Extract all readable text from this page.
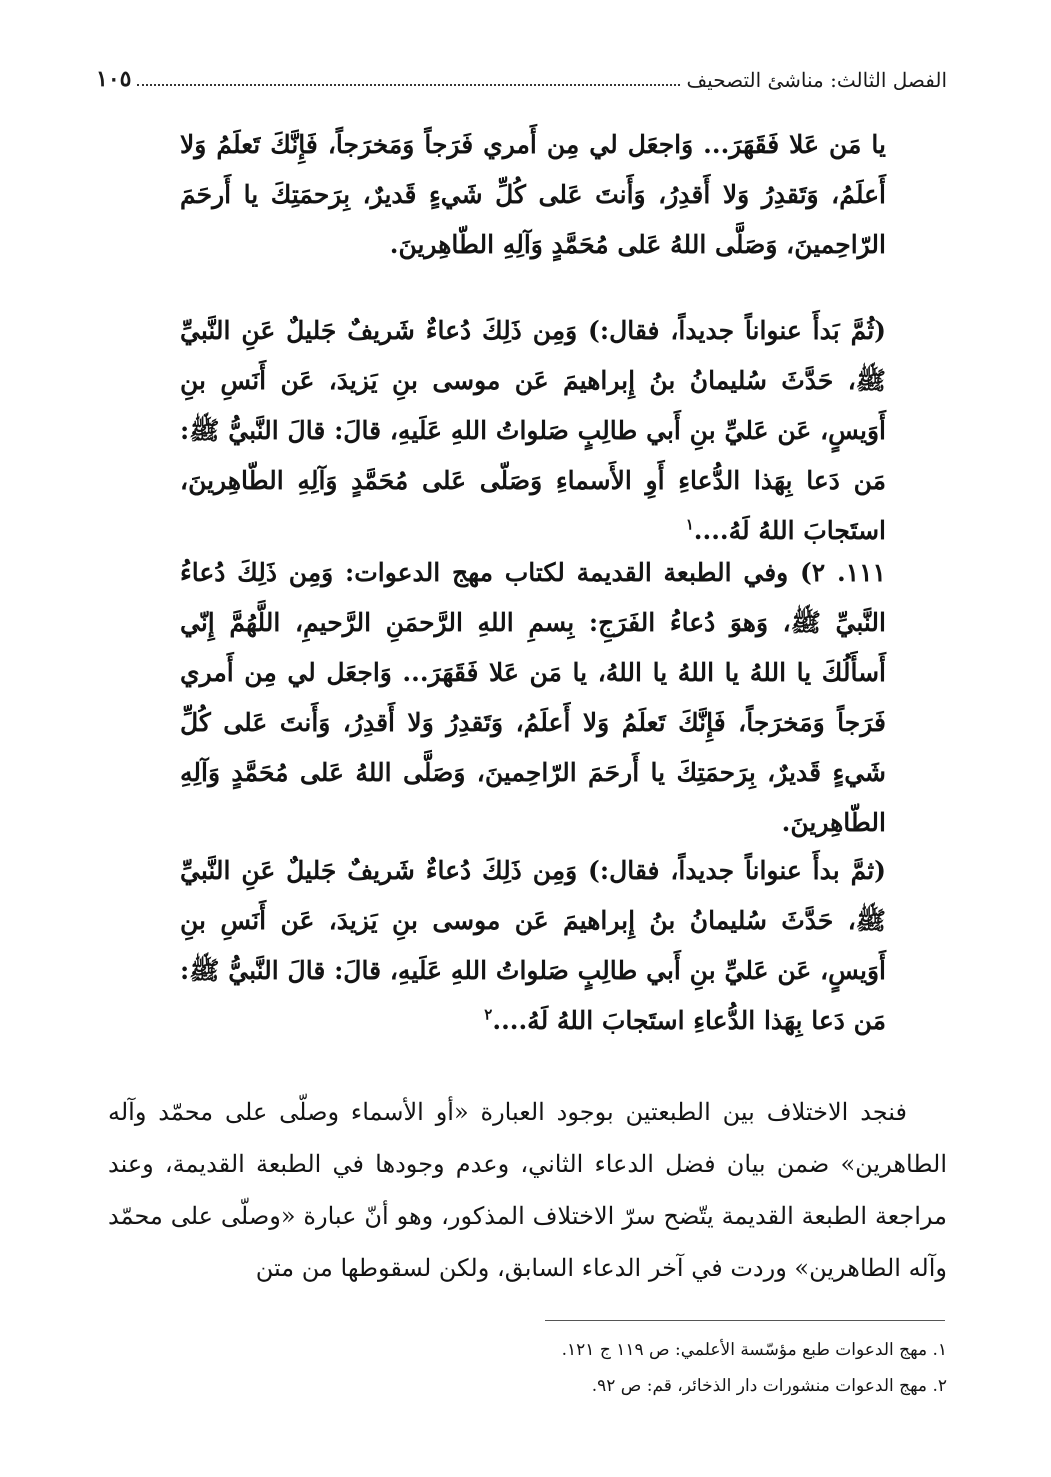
الفصل الثالث: مناشئ التصحيف
١٠٥
يا مَن عَلا فَقَهَرَ... وَاجعَل لي مِن أَمري فَرَجاً وَمَخرَجاً، فَإِنَّكَ تَعلَمُ وَلا أَعلَمُ، وَتَقدِرُ وَلا أَقدِرُ، وَأَنتَ عَلى كُلِّ شَيءٍ قَديرٌ، بِرَحمَتِكَ يا أَرحَمَ الرّاحِمينَ، وَصَلَّى اللهُ عَلى مُحَمَّدٍ وَآلِهِ الطّاهِرينَ.
(ثُمَّ بَدأَ عنواناً جديداً، فقال:) وَمِن ذَلِكَ دُعاءٌ شَريفٌ جَليلٌ عَنِ النَّبيِّ ﷺ، حَدَّثَ سُليمانُ بنُ إِبراهيمَ عَن موسى بنِ يَزيدَ، عَن أَنَسِ بنِ أَوَيسٍ، عَن عَليِّ بنِ أَبي طالِبٍ صَلواتُ اللهِ عَلَيهِ، قالَ: قالَ النَّبيُّ ﷺ: مَن دَعا بِهَذا الدُّعاءِ أَوِ الأَسماءِ وَصَلّى عَلى مُحَمَّدٍ وَآلِهِ الطّاهِرينَ، استَجابَ اللهُ لَهُ....$^١$
١١١. ٢) وفي الطبعة القديمة لكتاب مهج الدعوات: وَمِن ذَلِكَ دُعاءُ النَّبيِّ ﷺ، وَهوَ دُعاءُ الفَرَجِ: بِسمِ اللهِ الرَّحمَنِ الرَّحيمِ، اللَّهُمَّ إِنّي أَسأَلُكَ يا اللهُ يا اللهُ يا اللهُ، يا مَن عَلا فَقَهَرَ... وَاجعَل لي مِن أَمري فَرَجاً وَمَخرَجاً، فَإِنَّكَ تَعلَمُ وَلا أَعلَمُ، وَتَقدِرُ وَلا أَقدِرُ، وَأَنتَ عَلى كُلِّ شَيءٍ قَديرٌ، بِرَحمَتِكَ يا أَرحَمَ الرّاحِمينَ، وَصَلَّى اللهُ عَلى مُحَمَّدٍ وَآلِهِ الطّاهِرينَ.
(ثمَّ بدأَ عنواناً جديداً، فقال:) وَمِن ذَلِكَ دُعاءٌ شَريفٌ جَليلٌ عَنِ النَّبيِّ ﷺ، حَدَّثَ سُليمانُ بنُ إِبراهيمَ عَن موسى بنِ يَزيدَ، عَن أَنَسِ بنِ أَوَيسٍ، عَن عَليِّ بنِ أَبي طالِبٍ صَلواتُ اللهِ عَلَيهِ، قالَ: قالَ النَّبيُّ ﷺ: مَن دَعا بِهَذا الدُّعاءِ استَجابَ اللهُ لَهُ....$^٢$
فنجد الاختلاف بين الطبعتين بوجود العبارة «أو الأسماء وصلّى على محمّد وآله الطاهرين» ضمن بيان فضل الدعاء الثاني، وعدم وجودها في الطبعة القديمة، وعند مراجعة الطبعة القديمة يتّضح سرّ الاختلاف المذكور، وهو أنّ عبارة «وصلّى على محمّد وآله الطاهرين» وردت في آخر الدعاء السابق، ولكن لسقوطها من متن
١. مهج الدعوات طبع مؤسّسة الأعلمي: ص ١١٩ ج ١٢١.
٢. مهج الدعوات منشورات دار الذخائر، قم: ص ٩٢.
